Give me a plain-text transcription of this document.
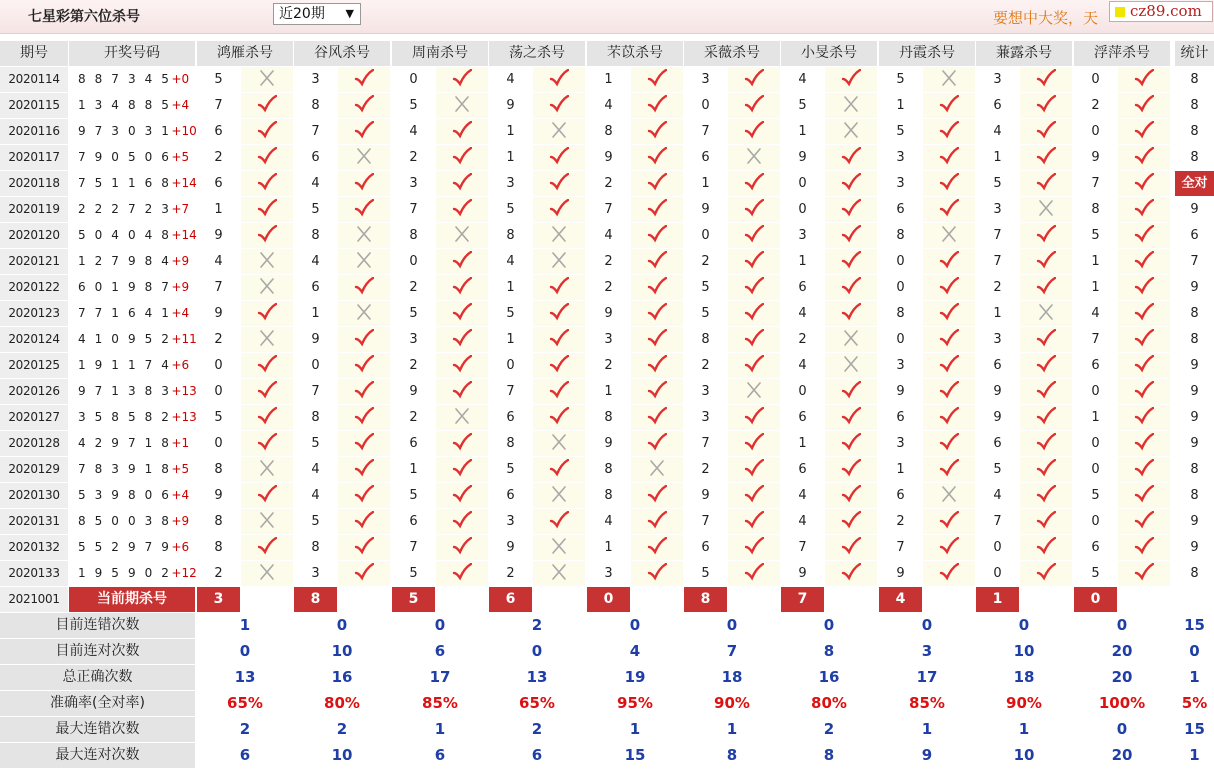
七星彩第六位杀号	近20期 ▼	要想中大奖，天	cz89.com
期号	开奖号码	鸿雁杀号	谷风杀号	周南杀号	荡之杀号	芣苡杀号	采薇杀号	小旻杀号	丹霞杀号	蒹露杀号	浮萍杀号	统计
2020114	8 8 7 3 4 5+0	5	3	0	4	1	3	4	5	3	0	8
2020115	1 3 4 8 8 5+4	7	8	5	9	4	0	5	1	6	2	8
2020116	9 7 3 0 3 1+10	6	7	4	1	8	7	1	5	4	0	8
2020117	7 9 0 5 0 6+5	2	6	2	1	9	6	9	3	1	9	8
2020118	7 5 1 1 6 8+14	6	4	3	3	2	1	0	3	5	7	全对
2020119	2 2 2 7 2 3+7	1	5	7	5	7	9	0	6	3	8	9
2020120	5 0 4 0 4 8+14	9	8	8	8	4	0	3	8	7	5	6
2020121	1 2 7 9 8 4+9	4	4	0	4	2	2	1	0	7	1	7
2020122	6 0 1 9 8 7+9	7	6	2	1	2	5	6	0	2	1	9
2020123	7 7 1 6 4 1+4	9	1	5	5	9	5	4	8	1	4	8
2020124	4 1 0 9 5 2+11	2	9	3	1	3	8	2	0	3	7	8
2020125	1 9 1 1 7 4+6	0	0	2	0	2	2	4	3	6	6	9
2020126	9 7 1 3 8 3+13	0	7	9	7	1	3	0	9	9	0	9
2020127	3 5 8 5 8 2+13	5	8	2	6	8	3	6	6	9	1	9
2020128	4 2 9 7 1 8+1	0	5	6	8	9	7	1	3	6	0	9
2020129	7 8 3 9 1 8+5	8	4	1	5	8	2	6	1	5	0	8
2020130	5 3 9 8 0 6+4	9	4	5	6	8	9	4	6	4	5	8
2020131	8 5 0 0 3 8+9	8	5	6	3	4	7	4	2	7	0	9
2020132	5 5 2 9 7 9+6	8	8	7	9	1	6	7	7	0	6	9
2020133	1 9 5 9 0 2+12	2	3	5	2	3	5	9	9	0	5	8
2021001	当前期杀号	3	8	5	6	0	8	7	4	1	0
目前连错次数	1	0	0	2	0	0	0	0	0	0	15
目前连对次数	0	10	6	0	4	7	8	3	10	20	0
总正确次数	13	16	17	13	19	18	16	17	18	20	1
准确率(全对率)	65%	80%	85%	65%	95%	90%	80%	85%	90%	100%	5%
最大连错次数	2	2	1	2	1	1	2	1	1	0	15
最大连对次数	6	10	6	6	15	8	8	9	10	20	1
